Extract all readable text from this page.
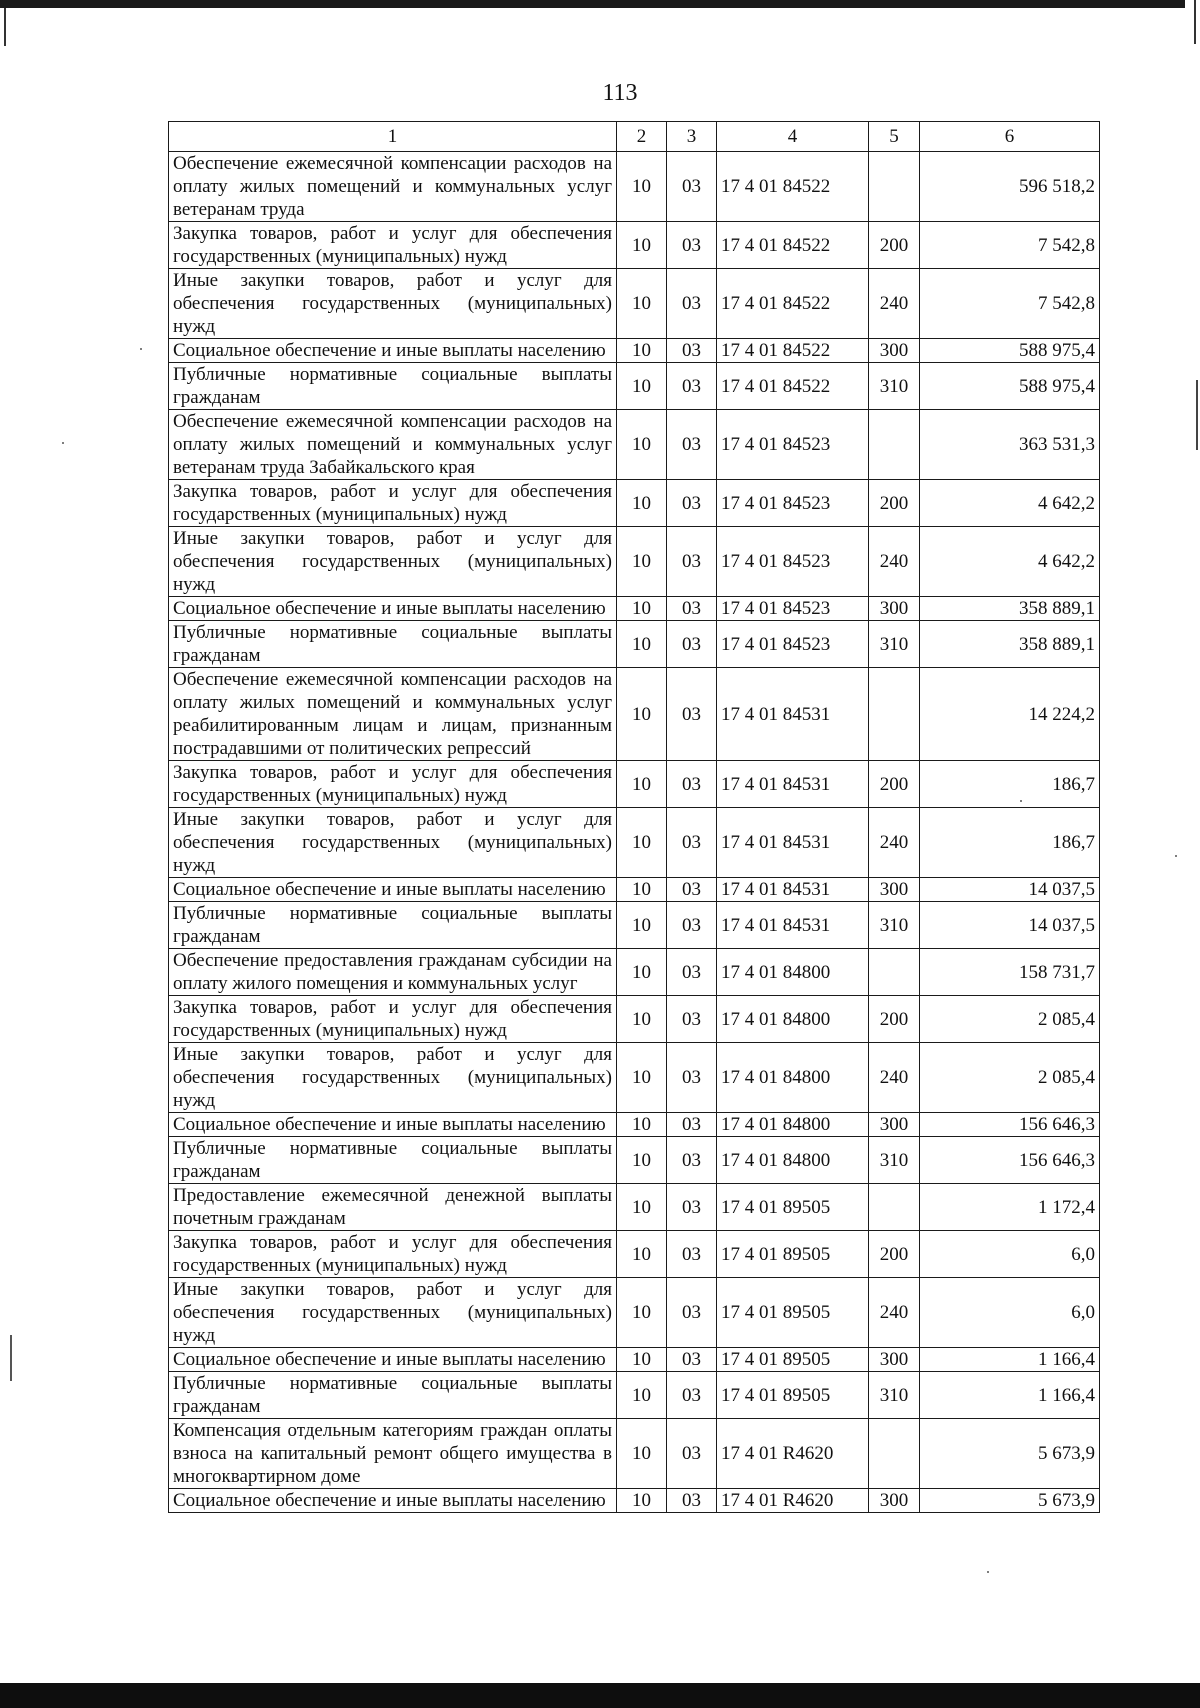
113
1	2	3	4	5	6
Обеспечение ежемесячной компенсации расходов на оплату жилых помещений и коммунальных услуг ветеранам труда	10	03	17 4 01 84522		596 518,2
Закупка товаров, работ и услуг для обеспечения государственных (муниципальных) нужд	10	03	17 4 01 84522	200	7 542,8
Иные закупки товаров, работ и услуг для обеспечения государственных (муниципальных) нужд	10	03	17 4 01 84522	240	7 542,8
Социальное обеспечение и иные выплаты населению	10	03	17 4 01 84522	300	588 975,4
Публичные нормативные социальные выплаты гражданам	10	03	17 4 01 84522	310	588 975,4
Обеспечение ежемесячной компенсации расходов на оплату жилых помещений и коммунальных услуг ветеранам труда Забайкальского края	10	03	17 4 01 84523		363 531,3
Закупка товаров, работ и услуг для обеспечения государственных (муниципальных) нужд	10	03	17 4 01 84523	200	4 642,2
Иные закупки товаров, работ и услуг для обеспечения государственных (муниципальных) нужд	10	03	17 4 01 84523	240	4 642,2
Социальное обеспечение и иные выплаты населению	10	03	17 4 01 84523	300	358 889,1
Публичные нормативные социальные выплаты гражданам	10	03	17 4 01 84523	310	358 889,1
Обеспечение ежемесячной компенсации расходов на оплату жилых помещений и коммунальных услуг реабилитированным лицам и лицам, признанным пострадавшими от политических репрессий	10	03	17 4 01 84531		14 224,2
Закупка товаров, работ и услуг для обеспечения государственных (муниципальных) нужд	10	03	17 4 01 84531	200	186,7
Иные закупки товаров, работ и услуг для обеспечения государственных (муниципальных) нужд	10	03	17 4 01 84531	240	186,7
Социальное обеспечение и иные выплаты населению	10	03	17 4 01 84531	300	14 037,5
Публичные нормативные социальные выплаты гражданам	10	03	17 4 01 84531	310	14 037,5
Обеспечение предоставления гражданам субсидии на оплату жилого помещения и коммунальных услуг	10	03	17 4 01 84800		158 731,7
Закупка товаров, работ и услуг для обеспечения государственных (муниципальных) нужд	10	03	17 4 01 84800	200	2 085,4
Иные закупки товаров, работ и услуг для обеспечения государственных (муниципальных) нужд	10	03	17 4 01 84800	240	2 085,4
Социальное обеспечение и иные выплаты населению	10	03	17 4 01 84800	300	156 646,3
Публичные нормативные социальные выплаты гражданам	10	03	17 4 01 84800	310	156 646,3
Предоставление ежемесячной денежной выплаты почетным гражданам	10	03	17 4 01 89505		1 172,4
Закупка товаров, работ и услуг для обеспечения государственных (муниципальных) нужд	10	03	17 4 01 89505	200	6,0
Иные закупки товаров, работ и услуг для обеспечения государственных (муниципальных) нужд	10	03	17 4 01 89505	240	6,0
Социальное обеспечение и иные выплаты населению	10	03	17 4 01 89505	300	1 166,4
Публичные нормативные социальные выплаты гражданам	10	03	17 4 01 89505	310	1 166,4
Компенсация отдельным категориям граждан оплаты взноса на капитальный ремонт общего имущества в многоквартирном доме	10	03	17 4 01 R4620		5 673,9
Социальное обеспечение и иные выплаты населению	10	03	17 4 01 R4620	300	5 673,9
